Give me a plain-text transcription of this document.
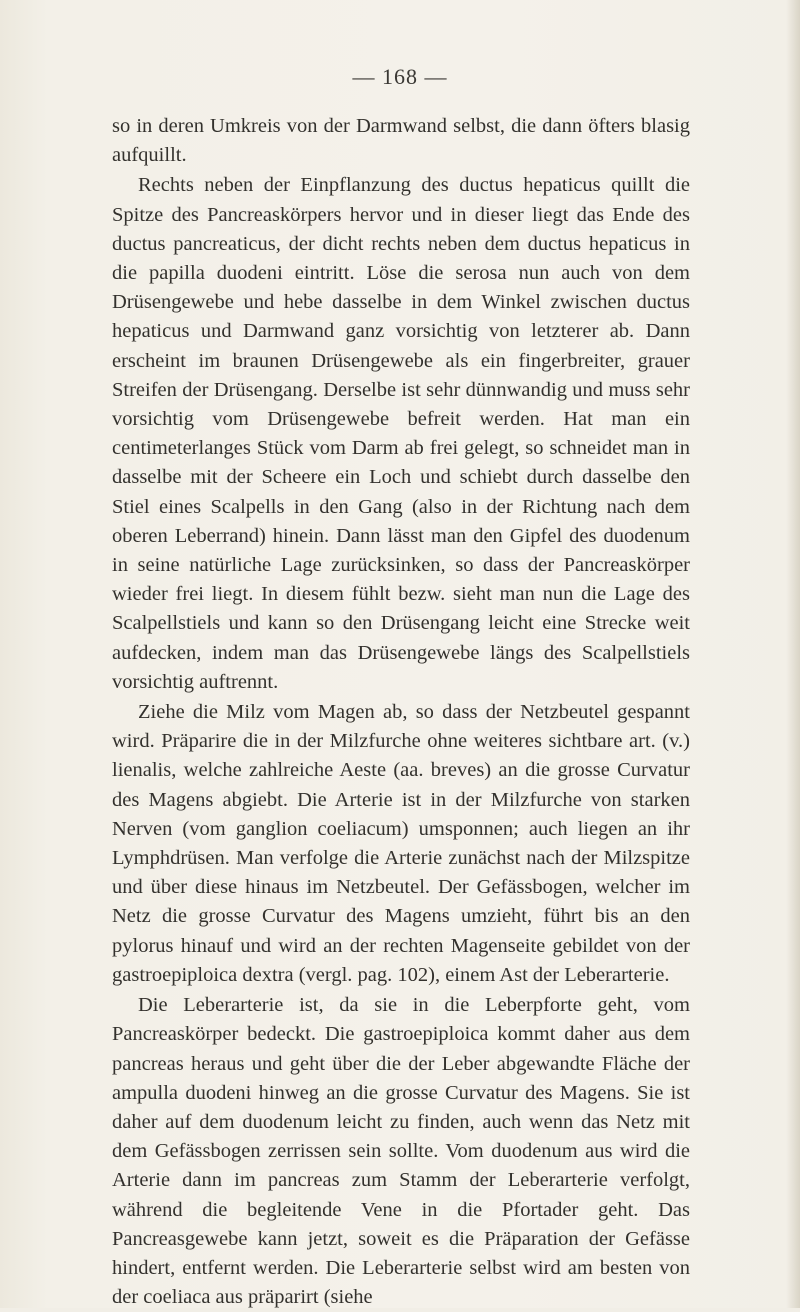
— 168 —

so in deren Umkreis von der Darmwand selbst, die dann öfters blasig aufquillt.

Rechts neben der Einpflanzung des ductus hepaticus quillt die Spitze des Pancreaskörpers hervor und in dieser liegt das Ende des ductus pancreaticus, der dicht rechts neben dem ductus hepaticus in die papilla duodeni eintritt. Löse die serosa nun auch von dem Drüsengewebe und hebe dasselbe in dem Winkel zwischen ductus hepaticus und Darmwand ganz vorsichtig von letzterer ab. Dann erscheint im braunen Drüsengewebe als ein fingerbreiter, grauer Streifen der Drüsengang. Derselbe ist sehr dünnwandig und muss sehr vorsichtig vom Drüsengewebe befreit werden. Hat man ein centimeterlanges Stück vom Darm ab frei gelegt, so schneidet man in dasselbe mit der Scheere ein Loch und schiebt durch dasselbe den Stiel eines Scalpells in den Gang (also in der Richtung nach dem oberen Leberrand) hinein. Dann lässt man den Gipfel des duodenum in seine natürliche Lage zurücksinken, so dass der Pancreaskörper wieder frei liegt. In diesem fühlt bezw. sieht man nun die Lage des Scalpellstiels und kann so den Drüsengang leicht eine Strecke weit aufdecken, indem man das Drüsengewebe längs des Scalpellstiels vorsichtig auftrennt.

Ziehe die Milz vom Magen ab, so dass der Netzbeutel gespannt wird. Präparire die in der Milzfurche ohne weiteres sichtbare art. (v.) lienalis, welche zahlreiche Aeste (aa. breves) an die grosse Curvatur des Magens abgiebt. Die Arterie ist in der Milzfurche von starken Nerven (vom ganglion coeliacum) umsponnen; auch liegen an ihr Lymphdrüsen. Man verfolge die Arterie zunächst nach der Milzspitze und über diese hinaus im Netzbeutel. Der Gefässbogen, welcher im Netz die grosse Curvatur des Magens umzieht, führt bis an den pylorus hinauf und wird an der rechten Magenseite gebildet von der gastroepiploica dextra (vergl. pag. 102), einem Ast der Leberarterie.

Die Leberarterie ist, da sie in die Leberpforte geht, vom Pancreaskörper bedeckt. Die gastroepiploica kommt daher aus dem pancreas heraus und geht über die der Leber abgewandte Fläche der ampulla duodeni hinweg an die grosse Curvatur des Magens. Sie ist daher auf dem duodenum leicht zu finden, auch wenn das Netz mit dem Gefässbogen zerrissen sein sollte. Vom duodenum aus wird die Arterie dann im pancreas zum Stamm der Leberarterie verfolgt, während die begleitende Vene in die Pfortader geht. Das Pancreasgewebe kann jetzt, soweit es die Präparation der Gefässe hindert, entfernt werden. Die Leberarterie selbst wird am besten von der coeliaca aus präparirt (siehe
